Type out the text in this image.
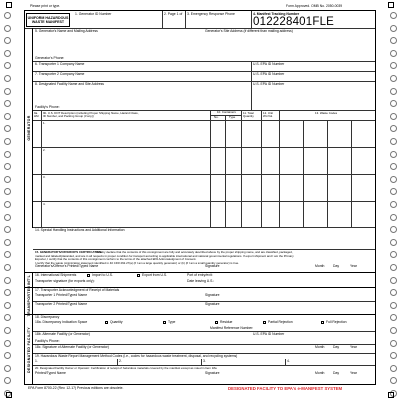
Please print or type.	Form Approved. OMB No. 2050-0039
UNIFORM HAZARDOUS WASTE MANIFEST
1. Generator ID Number	2. Page 1 of 3. Emergency Response Phone	4. Manifest Tracking Number
012228401FLE
GENERATOR
5. Generator's Name and Mailing Address	Generator's Site Address (if different than mailing address)
Generator's Phone:
6. Transporter 1 Company Name	U.S. EPA ID Number
7. Transporter 2 Company Name	U.S. EPA ID Number
8. Designated Facility Name and Site Address	U.S. EPA ID Number
Facility's Phone:
9a. HM
9b. U.S. DOT Description (including Proper Shipping Name, Hazard Class, ID Number, and Packing Group (if any))
10. Containers
No.	Type
11. Total Quantity
12. Unit Wt./Vol.
13. Waste Codes
1.
2.
3.
4.
14. Special Handling Instructions and Additional Information
15. GENERATOR'S/OFFEROR'S CERTIFICATION:
I hereby declare that the contents of this consignment are fully and accurately described above by the proper shipping name, and are classified, packaged,
marked and labeled/placarded, and are in all respects in proper condition for transport according to applicable international and national governmental regulations. If export shipment and I am the Primary
Exporter, I certify that the contents of this consignment conform to the terms of the attached EPA Acknowledgment of Consent.
I certify that the waste minimization statement identified in 40 CFR 262.27(a) (if I am a large quantity generator) or (b) (if I am a small quantity generator) is true.
Generator's/Offeror's Printed/Typed Name	Signature	Month	Day	Year
INT'L 16. International Shipments	Import to U.S.	Export from U.S.	Port of entry/exit:
Transporter signature (for exports only):	Date leaving U.S.:
TRANSPORTER 17. Transporter Acknowledgment of Receipt of Materials
Transporter 1 Printed/Typed Name	Signature
Transporter 2 Printed/Typed Name	Signature
DESIGNATED FACILITY
18. Discrepancy
18a. Discrepancy Indication Space	Quantity	Type	Residue	Partial Rejection	Full Rejection
Manifest Reference Number:
18b. Alternate Facility (or Generator)	U.S. EPA ID Number
Facility's Phone:
18c. Signature of Alternate Facility (or Generator)	Month	Day	Year
19. Hazardous Waste Report Management Method Codes (i.e., codes for hazardous waste treatment, disposal, and recycling systems)
1.	2.	3.	4.
20. Designated Facility Owner or Operator: Certification of receipt of hazardous materials covered by the manifest except as noted in Item 18a
Printed/Typed Name	Signature	Month	Day	Year
EPA Form 8700-22 (Rev. 12-17) Previous editions are obsolete.	DESIGNATED FACILITY TO EPA's e-MANIFEST SYSTEM
